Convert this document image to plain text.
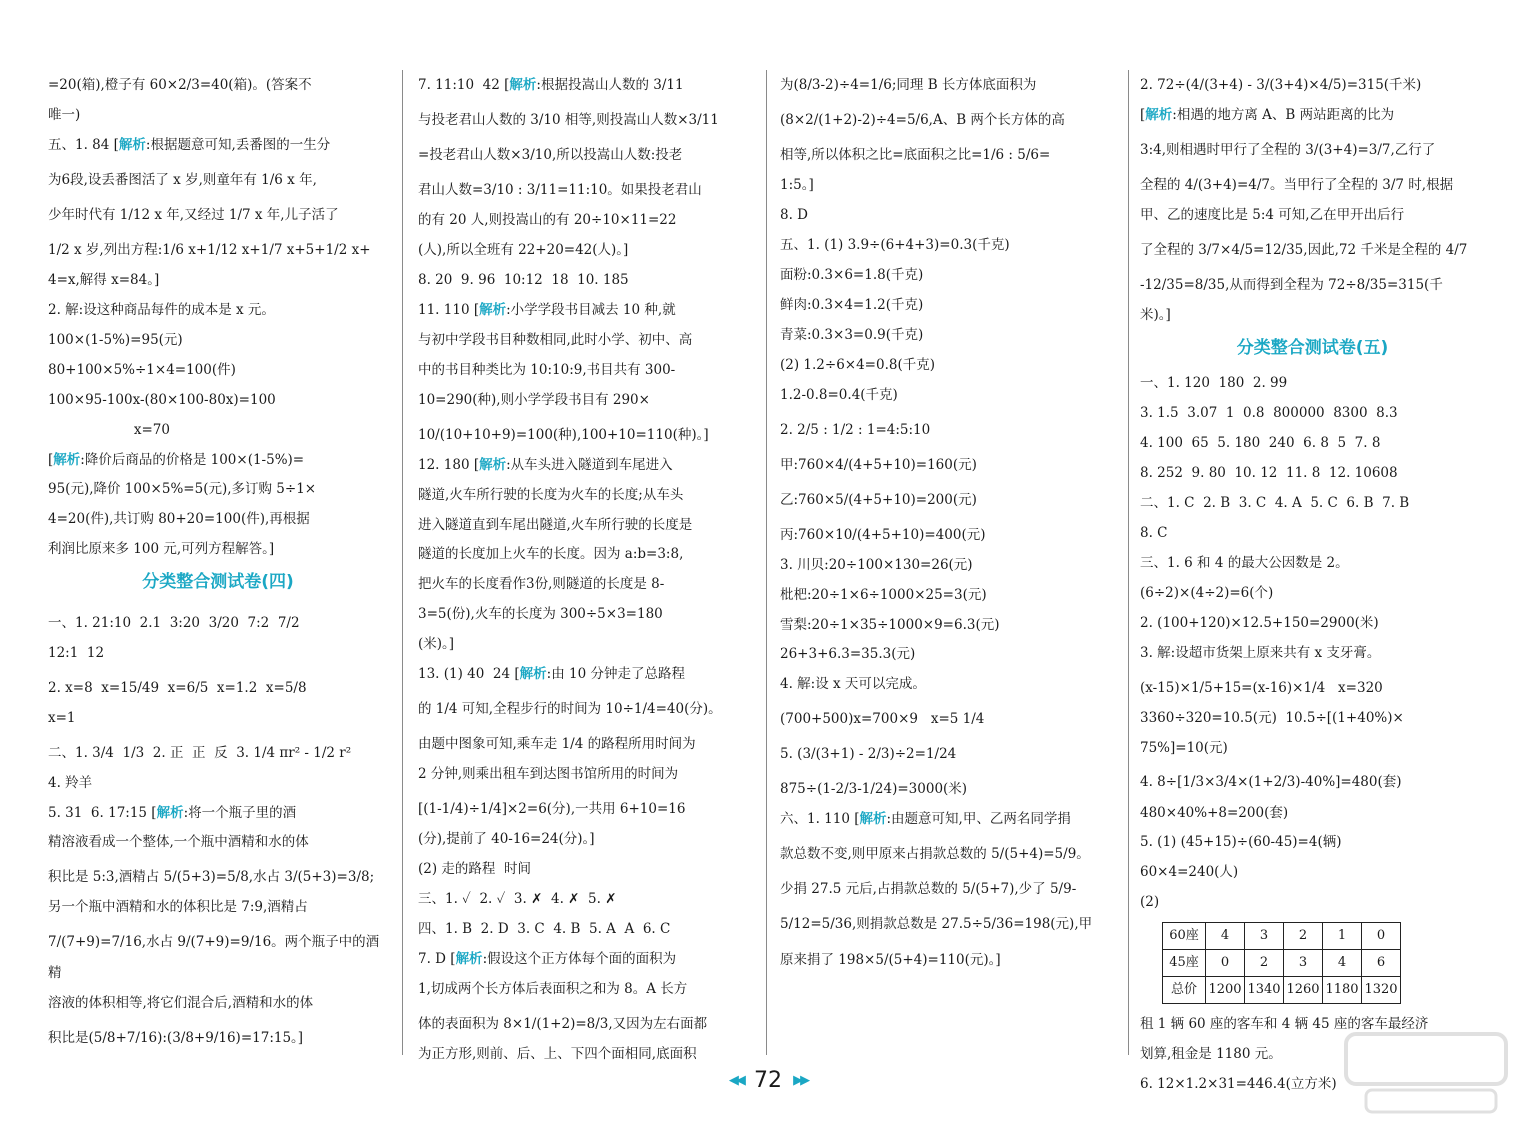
=20(箱),橙子有 60×2/3=40(箱)。(答案不
唯一)
五、1. 84 [解析:根据题意可知,丢番图的一生分
为6段,设丢番图活了 x 岁,则童年有 1/6 x 年,
少年时代有 1/12 x 年,又经过 1/7 x 年,儿子活了
1/2 x 岁,列出方程:1/6 x+1/12 x+1/7 x+5+1/2 x+
4=x,解得 x=84。]
2. 解:设这种商品每件的成本是 x 元。
100×(1-5%)=95(元)
80+100×5%÷1×4=100(件)
100×95-100x-(80×100-80x)=100
x=70
[解析:降价后商品的价格是 100×(1-5%)=
95(元),降价 100×5%=5(元),多订购 5÷1×
4=20(件),共订购 80+20=100(件),再根据
利润比原来多 100 元,可列方程解答。]
分类整合测试卷(四)
一、1. 21:10  2.1  3:20  3/20  7:2  7/2
12:1  12
2. x=8  x=15/49  x=6/5  x=1.2  x=5/8
x=1
二、1. 3/4  1/3  2. 正  正  反  3. 1/4 πr² - 1/2 r²
4. 羚羊
5. 31  6. 17:15 [解析:将一个瓶子里的酒
精溶液看成一个整体,一个瓶中酒精和水的体
积比是 5:3,酒精占 5/(5+3)=5/8,水占 3/(5+3)=3/8;
另一个瓶中酒精和水的体积比是 7:9,酒精占
7/(7+9)=7/16,水占 9/(7+9)=9/16。两个瓶子中的酒精
溶液的体积相等,将它们混合后,酒精和水的体
积比是(5/8+7/16):(3/8+9/16)=17:15。]
7. 11:10  42 [解析:根据投嵩山人数的 3/11
与投老君山人数的 3/10 相等,则投嵩山人数×3/11
=投老君山人数×3/10,所以投嵩山人数:投老
君山人数=3/10 : 3/11=11:10。如果投老君山
的有 20 人,则投嵩山的有 20÷10×11=22
(人),所以全班有 22+20=42(人)。]
8. 20  9. 96  10:12  18  10. 185
11. 110 [解析:小学学段书目减去 10 种,就
与初中学段书目种数相同,此时小学、初中、高
中的书目种类比为 10:10:9,书目共有 300-
10=290(种),则小学学段书目有 290×
10/(10+10+9)=100(种),100+10=110(种)。]
12. 180 [解析:从车头进入隧道到车尾进入
隧道,火车所行驶的长度为火车的长度;从车头
进入隧道直到车尾出隧道,火车所行驶的长度是
隧道的长度加上火车的长度。因为 a:b=3:8,
把火车的长度看作3份,则隧道的长度是 8-
3=5(份),火车的长度为 300÷5×3=180
(米)。]
13. (1) 40  24 [解析:由 10 分钟走了总路程
的 1/4 可知,全程步行的时间为 10÷1/4=40(分)。
由题中图象可知,乘车走 1/4 的路程所用时间为
2 分钟,则乘出租车到达图书馆所用的时间为
[(1-1/4)÷1/4]×2=6(分),一共用 6+10=16
(分),提前了 40-16=24(分)。]
(2) 走的路程  时间
三、1. ✓  2. ✓  3. ✗  4. ✗  5. ✗
四、1. B  2. D  3. C  4. B  5. A  A  6. C
7. D [解析:假设这个正方体每个面的面积为
1,切成两个长方体后表面积之和为 8。A 长方
体的表面积为 8×1/(1+2)=8/3,又因为左右面都
为正方形,则前、后、上、下四个面相同,底面积
为(8/3-2)÷4=1/6;同理 B 长方体底面积为
(8×2/(1+2)-2)÷4=5/6,A、B 两个长方体的高
相等,所以体积之比=底面积之比=1/6 : 5/6=
1:5。]
8. D
五、1. (1) 3.9÷(6+4+3)=0.3(千克)
面粉:0.3×6=1.8(千克)
鲜肉:0.3×4=1.2(千克)
青菜:0.3×3=0.9(千克)
(2) 1.2÷6×4=0.8(千克)
1.2-0.8=0.4(千克)
2. 2/5 : 1/2 : 1=4:5:10
甲:760×4/(4+5+10)=160(元)
乙:760×5/(4+5+10)=200(元)
丙:760×10/(4+5+10)=400(元)
3. 川贝:20÷100×130=26(元)
枇杷:20÷1×6÷1000×25=3(元)
雪梨:20÷1×35÷1000×9=6.3(元)
26+3+6.3=35.3(元)
4. 解:设 x 天可以完成。
(700+500)x=700×9   x=5 1/4
5. (3/(3+1) - 2/3)÷2=1/24
875÷(1-2/3-1/24)=3000(米)
六、1. 110 [解析:由题意可知,甲、乙两名同学捐
款总数不变,则甲原来占捐款总数的 5/(5+4)=5/9。
少捐 27.5 元后,占捐款总数的 5/(5+7),少了 5/9-
5/12=5/36,则捐款总数是 27.5÷5/36=198(元),甲
原来捐了 198×5/(5+4)=110(元)。]
2. 72÷(4/(3+4) - 3/(3+4)×4/5)=315(千米)
[解析:相遇的地方离 A、B 两站距离的比为
3:4,则相遇时甲行了全程的 3/(3+4)=3/7,乙行了
全程的 4/(3+4)=4/7。当甲行了全程的 3/7 时,根据
甲、乙的速度比是 5:4 可知,乙在甲开出后行
了全程的 3/7×4/5=12/35,因此,72 千米是全程的 4/7
-12/35=8/35,从而得到全程为 72÷8/35=315(千
米)。]
分类整合测试卷(五)
一、1. 120  180  2. 99
3. 1.5  3.07  1  0.8  800000  8300  8.3
4. 100  65  5. 180  240  6. 8  5  7. 8
8. 252  9. 80  10. 12  11. 8  12. 10608
二、1. C  2. B  3. C  4. A  5. C  6. B  7. B
8. C
三、1. 6 和 4 的最大公因数是 2。
(6÷2)×(4÷2)=6(个)
2. (100+120)×12.5+150=2900(米)
3. 解:设超市货架上原来共有 x 支牙膏。
(x-15)×1/5+15=(x-16)×1/4   x=320
3360÷320=10.5(元)  10.5÷[(1+40%)×
75%]=10(元)
4. 8÷[1/3×3/4×(1+2/3)-40%]=480(套)
480×40%+8=200(套)
5. (1) (45+15)÷(60-45)=4(辆)
60×4=240(人)
(2)
60座	4	3	2	1	0
45座	0	2	3	4	6
总价	1200	1340	1260	1180	1320
租 1 辆 60 座的客车和 4 辆 45 座的客车最经济
划算,租金是 1180 元。
6. 12×1.2×31=446.4(立方米)
◀◀ 72 ▶▶
